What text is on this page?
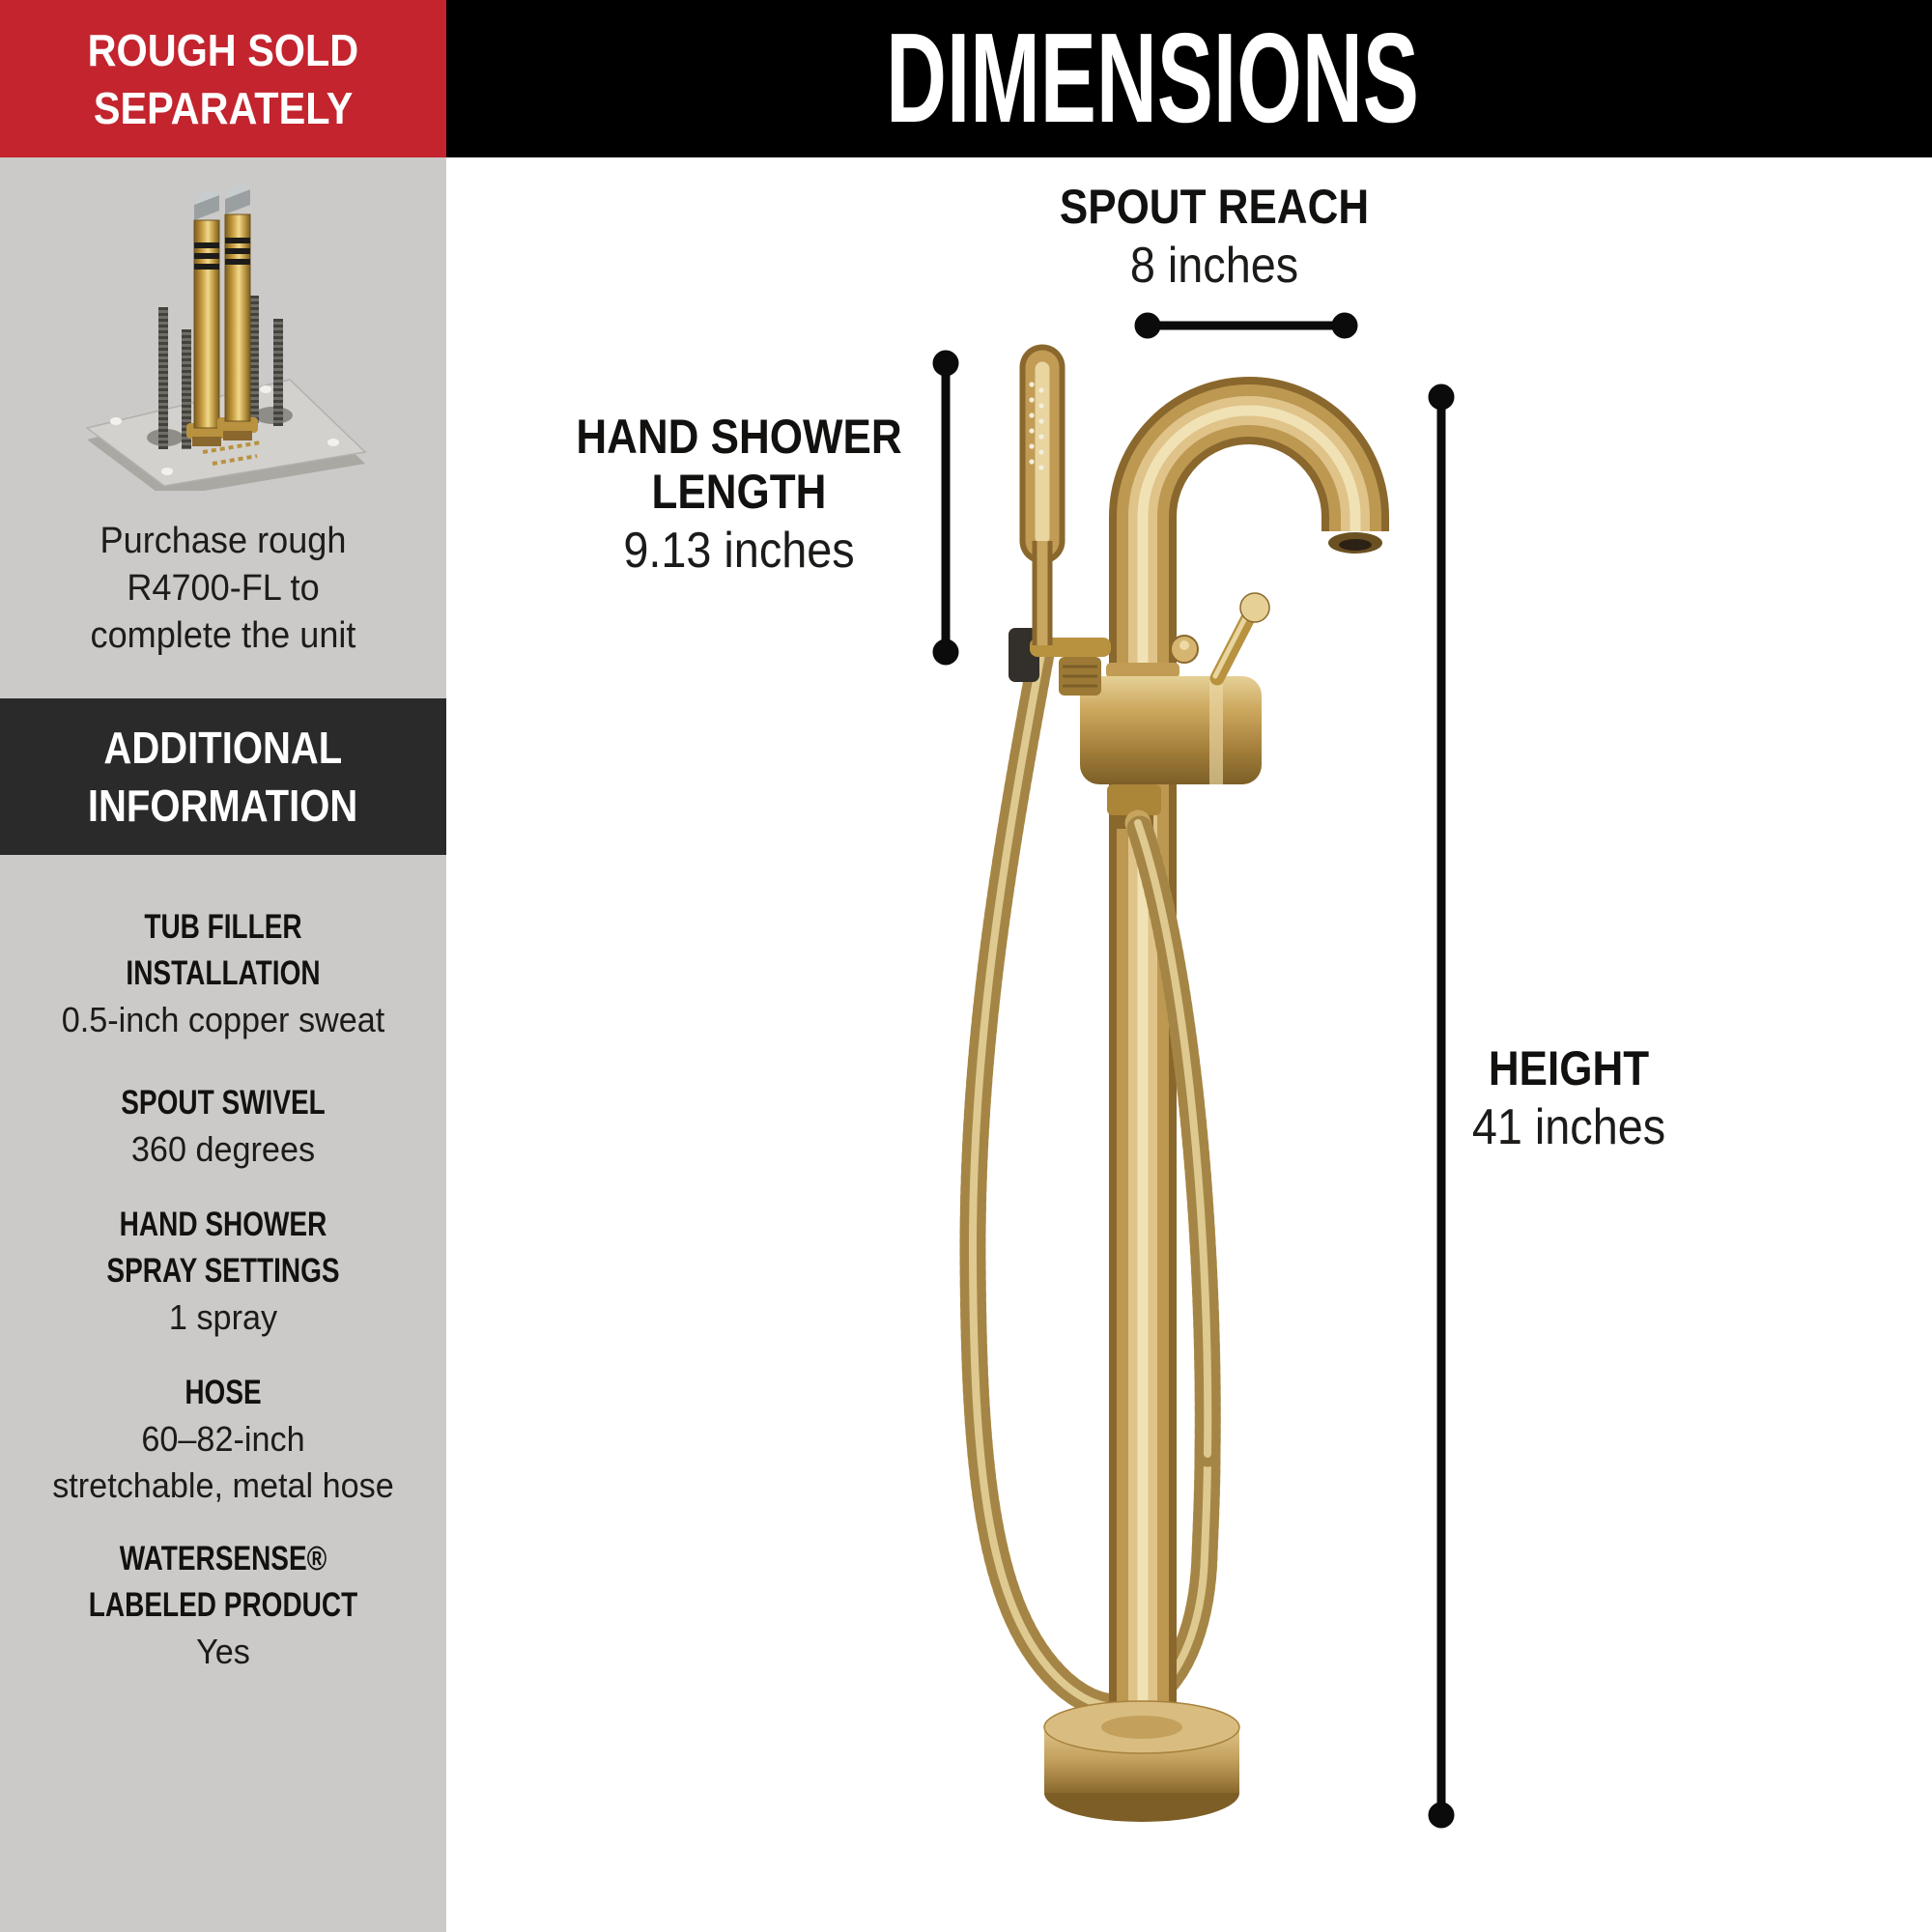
ROUGH SOLD
SEPARATELY
Purchase rough
R4700-FL to
complete the unit
ADDITIONAL
INFORMATION
TUB FILLER
INSTALLATION
0.5-inch copper sweat
SPOUT SWIVEL
360 degrees
HAND SHOWER
SPRAY SETTINGS
1 spray
HOSE
60–82-inch
stretchable, metal hose
WATERSENSE®
LABELED PRODUCT
Yes
DIMENSIONS
SPOUT REACH
8 inches
HAND SHOWER
LENGTH
9.13 inches
HEIGHT
41 inches
